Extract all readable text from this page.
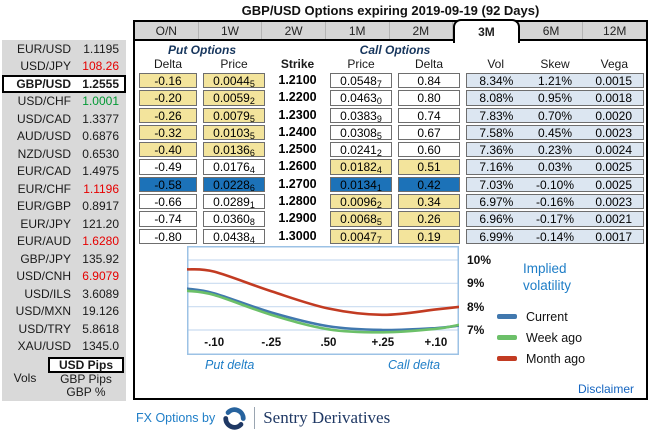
GBP/USD Options expiring 2019-09-19 (92 Days)
EUR/USD	1.1195
USD/JPY 108.26
GBP/USD 1.2555
USD/CHF 1.0001
USD/CAD 1.3377
AUD/USD 0.6876
NZD/USD 0.6530
EUR/CAD 1.4975
EUR/CHF	1.1196
EUR/GBP 0.8917
EUR/JPY 121.20
EUR/AUD 1.6280
GBP/JPY 135.92
USD/CNH 6.9079
USD/ILS 3.6089
USD/MXN 19.126
USD/TRY 5.8618
XAU/USD 1345.0
Vols
USD Pips
GBP Pips
GBP %
O/N	1W	2W	1M	2M	3M	6M	12M
Put Options	Call Options
Delta	Price	Strike	Price	Delta	Vol	Skew	Vega
-0.16	$0.0044_5$	1.2100	$0.0548_7$	0.84	8.34%	1.21%	0.0015
-0.20	$0.0059_2$	1.2200	$0.0463_0$	0.80	8.08%	0.95%	0.0018
-0.26	$0.0079_5$	1.2300	$0.0383_9$	0.74	7.83%	0.70%	0.0020
-0.32	$0.0103_5$	1.2400	$0.0308_5$	0.67	7.58%	0.45%	0.0023
-0.40	$0.0136_6$	1.2500	$0.0241_2$	0.60	7.36%	0.23%	0.0024
-0.49	$0.0176_4$	1.2600	$0.0182_4$	0.51	7.16%	0.03%	0.0025
-0.58	$0.0228_6$	1.2700	$0.0134_1$	0.42	7.03%	-0.10%	0.0025
-0.66	$0.0289_1$	1.2800	$0.0096_2$	0.34	6.97%	-0.16%	0.0023
-0.74	$0.0360_8$	1.2900	$0.0068_5$	0.26	6.96%	-0.17%	0.0021
-0.80	$0.0438_4$	1.3000	$0.0047_7$	0.19	6.99%	-0.14%	0.0017
-.10	-.25	.50	+.25	+.10
10%
9%
8%
7%
Put delta	Call delta
Implied volatility
Current
Week ago
Month ago
Disclaimer
FX Options by	Sentry Derivatives
